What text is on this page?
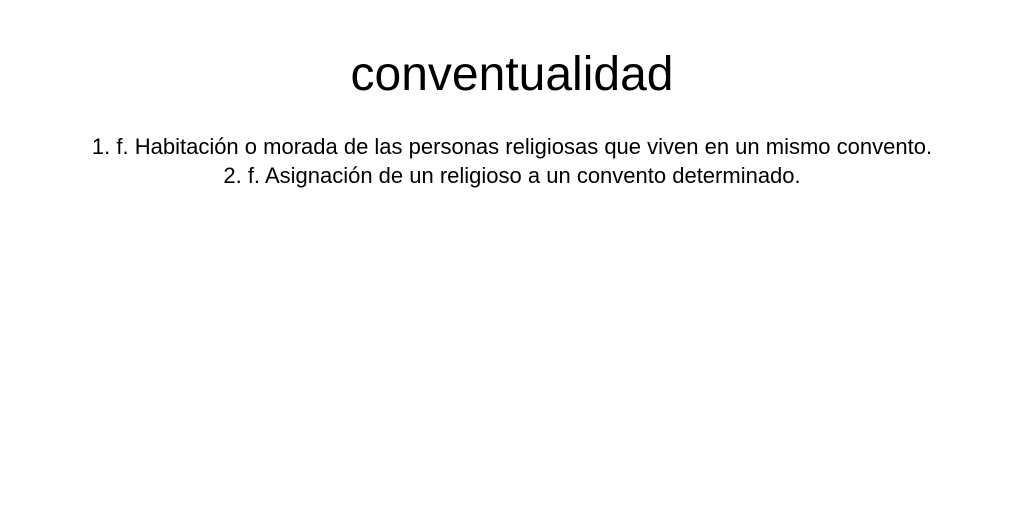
conventualidad
1. f. Habitación o morada de las personas religiosas que viven en un mismo convento.
2. f. Asignación de un religioso a un convento determinado.
